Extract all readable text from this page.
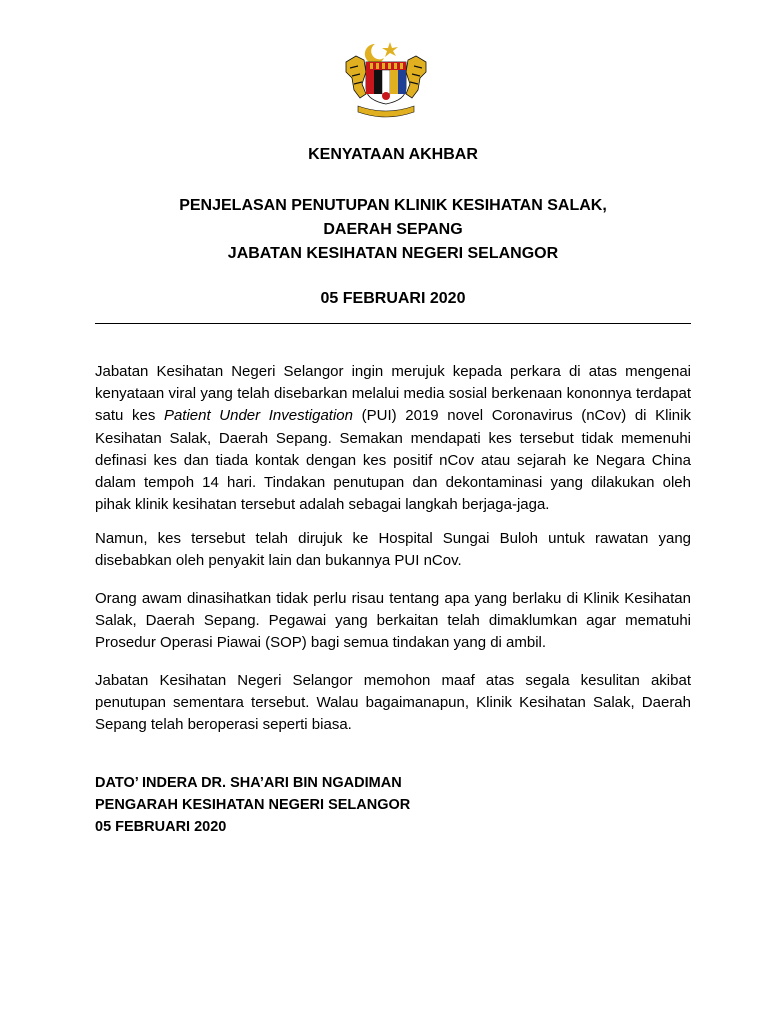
KENYATAAN AKHBAR
PENJELASAN PENUTUPAN KLINIK KESIHATAN SALAK,
DAERAH SEPANG
JABATAN KESIHATAN NEGERI SELANGOR
05 FEBRUARI 2020

Jabatan Kesihatan Negeri Selangor ingin merujuk kepada perkara di atas mengenai kenyataan viral yang telah disebarkan melalui media sosial berkenaan kononnya terdapat satu kes Patient Under Investigation (PUI) 2019 novel Coronavirus (nCov) di Klinik Kesihatan Salak, Daerah Sepang. Semakan mendapati kes tersebut tidak memenuhi definasi kes dan tiada kontak dengan kes positif nCov atau sejarah ke Negara China dalam tempoh 14 hari. Tindakan penutupan dan dekontaminasi yang dilakukan oleh pihak klinik kesihatan tersebut adalah sebagai langkah berjaga-jaga.

Namun, kes tersebut telah dirujuk ke Hospital Sungai Buloh untuk rawatan yang disebabkan oleh penyakit lain dan bukannya PUI nCov.

Orang awam dinasihatkan tidak perlu risau tentang apa yang berlaku di Klinik Kesihatan Salak, Daerah Sepang. Pegawai yang berkaitan telah dimaklumkan agar mematuhi Prosedur Operasi Piawai (SOP) bagi semua tindakan yang di ambil.

Jabatan Kesihatan Negeri Selangor memohon maaf atas segala kesulitan akibat penutupan sementara tersebut. Walau bagaimanapun, Klinik Kesihatan Salak, Daerah Sepang telah beroperasi seperti biasa.

DATO’ INDERA DR. SHA’ARI BIN NGADIMAN
PENGARAH KESIHATAN NEGERI SELANGOR
05 FEBRUARI 2020
